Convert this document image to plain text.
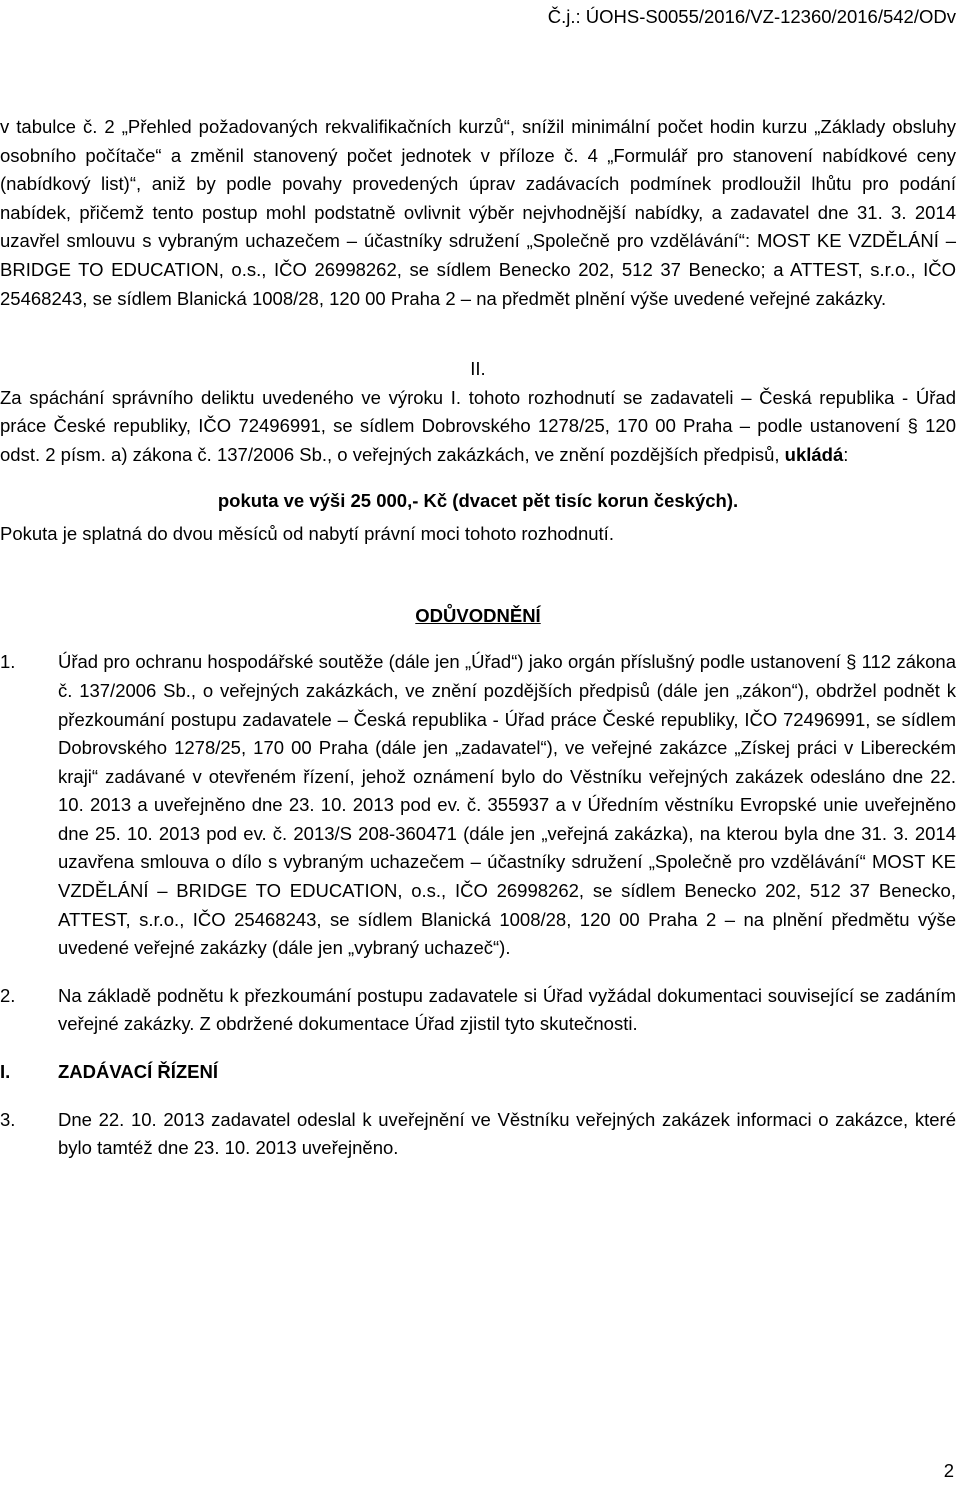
Č.j.: ÚOHS-S0055/2016/VZ-12360/2016/542/ODv

v tabulce č. 2 „Přehled požadovaných rekvalifikačních kurzů“, snížil minimální počet hodin kurzu „Základy obsluhy osobního počítače“ a změnil stanovený počet jednotek v příloze č. 4 „Formulář pro stanovení nabídkové ceny (nabídkový list)“, aniž by podle povahy provedených úprav zadávacích podmínek prodloužil lhůtu pro podání nabídek, přičemž tento postup mohl podstatně ovlivnit výběr nejvhodnější nabídky, a zadavatel dne 31. 3. 2014 uzavřel smlouvu s vybraným uchazečem – účastníky sdružení „Společně pro vzdělávání“: MOST KE VZDĚLÁNÍ – BRIDGE TO EDUCATION, o.s., IČO 26998262, se sídlem Benecko 202, 512 37 Benecko; a ATTEST, s.r.o., IČO 25468243, se sídlem Blanická 1008/28, 120 00 Praha 2 – na předmět plnění výše uvedené veřejné zakázky.

II.

Za spáchání správního deliktu uvedeného ve výroku I. tohoto rozhodnutí se zadavateli – Česká republika - Úřad práce České republiky, IČO 72496991, se sídlem Dobrovského 1278/25, 170 00 Praha – podle ustanovení § 120 odst. 2 písm. a) zákona č. 137/2006 Sb., o veřejných zakázkách, ve znění pozdějších předpisů, ukládá:

pokuta ve výši 25 000,- Kč (dvacet pět tisíc korun českých).

Pokuta je splatná do dvou měsíců od nabytí právní moci tohoto rozhodnutí.

ODŮVODNĚNÍ

1.	Úřad pro ochranu hospodářské soutěže (dále jen „Úřad“) jako orgán příslušný podle ustanovení § 112 zákona č. 137/2006 Sb., o veřejných zakázkách, ve znění pozdějších předpisů (dále jen „zákon“), obdržel podnět k přezkoumání postupu zadavatele – Česká republika - Úřad práce České republiky, IČO 72496991, se sídlem Dobrovského 1278/25, 170 00 Praha (dále jen „zadavatel“), ve veřejné zakázce „Získej práci v Libereckém kraji“ zadávané v otevřeném řízení, jehož oznámení bylo do Věstníku veřejných zakázek odesláno dne 22. 10. 2013 a uveřejněno dne 23. 10. 2013 pod ev. č. 355937 a v Úředním věstníku Evropské unie uveřejněno dne 25. 10. 2013 pod ev. č. 2013/S 208-360471 (dále jen „veřejná zakázka), na kterou byla dne 31. 3. 2014 uzavřena smlouva o dílo s vybraným uchazečem – účastníky sdružení „Společně pro vzdělávání“ MOST KE VZDĚLÁNÍ – BRIDGE TO EDUCATION, o.s., IČO 26998262, se sídlem Benecko 202, 512 37 Benecko, ATTEST, s.r.o., IČO 25468243, se sídlem Blanická 1008/28, 120 00 Praha 2 – na plnění předmětu výše uvedené veřejné zakázky (dále jen „vybraný uchazeč“).
2.	Na základě podnětu k přezkoumání postupu zadavatele si Úřad vyžádal dokumentaci související se zadáním veřejné zakázky. Z obdržené dokumentace Úřad zjistil tyto skutečnosti.
I.	ZADÁVACÍ ŘÍZENÍ
3.	Dne 22. 10. 2013 zadavatel odeslal k uveřejnění ve Věstníku veřejných zakázek informaci o zakázce, které bylo tamtéž dne 23. 10. 2013 uveřejněno.
2
